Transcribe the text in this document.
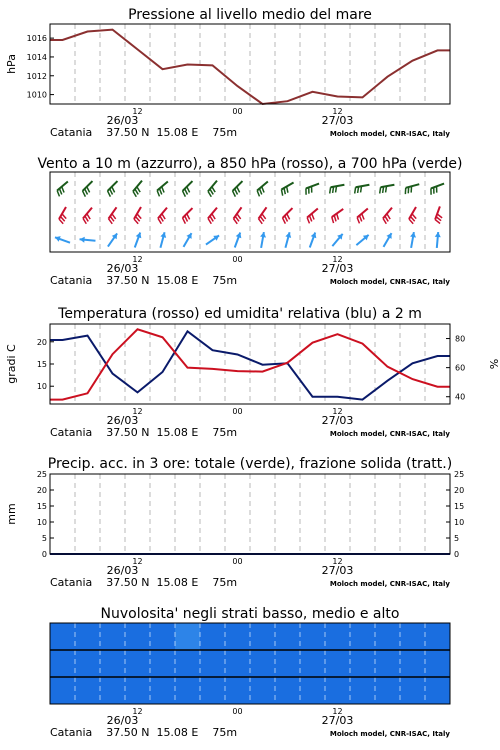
Pressione al livello medio del mare
1010
1012
1014
1016
hPa
12	00	12
26/03	27/03
Catania    37.50 N  15.08 E    75m	Moloch model, CNR-ISAC, Italy
Vento a 10 m (azzurro), a 850 hPa (rosso), a 700 hPa (verde)
12	00	12
26/03	27/03
Catania    37.50 N  15.08 E    75m	Moloch model, CNR-ISAC, Italy
Temperatura (rosso) ed umidita' relativa (blu) a 2 m
10
15
20
40
60
80
gradi C	%
12	00	12
26/03	27/03
Catania    37.50 N  15.08 E    75m	Moloch model, CNR-ISAC, Italy
Precip. acc. in 3 ore: totale (verde), frazione solida (tratt.)
0
5
10
15
20
25
0
5
10
15
20
25
mm
12	00	12
26/03	27/03
Catania    37.50 N  15.08 E    75m	Moloch model, CNR-ISAC, Italy
Nuvolosita' negli strati basso, medio e alto
12	00	12
26/03	27/03
Catania    37.50 N  15.08 E    75m	Moloch model, CNR-ISAC, Italy
